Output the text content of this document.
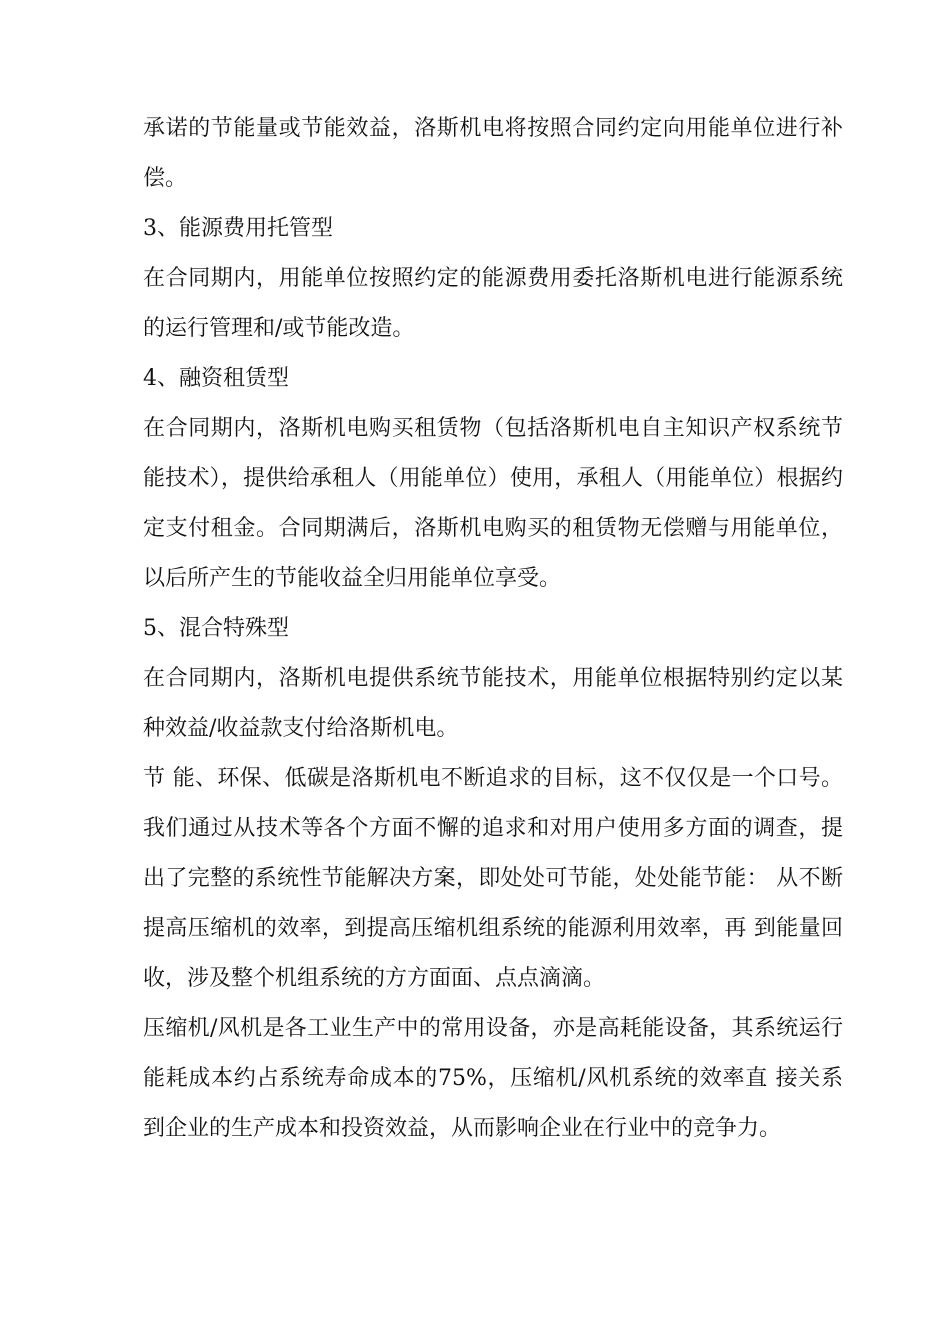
承诺的节能量或节能效益，洛斯机电将按照合同约定向用能单位进行补偿。

3、能源费用托管型

在合同期内，用能单位按照约定的能源费用委托洛斯机电进行能源系统的运行管理和/或节能改造。

4、融资租赁型

在合同期内，洛斯机电购买租赁物（包括洛斯机电自主知识产权系统节能技术），提供给承租人（用能单位）使用，承租人（用能单位）根据约定支付租金。合同期满后，洛斯机电购买的租赁物无偿赠与用能单位，以后所产生的节能收益全归用能单位享受。

5、混合特殊型

在合同期内，洛斯机电提供系统节能技术，用能单位根据特别约定以某种效益/收益款支付给洛斯机电。

节 能、环保、低碳是洛斯机电不断追求的目标，这不仅仅是一个口号。我们通过从技术等各个方面不懈的追求和对用户使用多方面的调查，提出了完整的系统性节能解决方案，即处处可节能，处处能节能： 从不断提高压缩机的效率，到提高压缩机组系统的能源利用效率，再 到能量回收，涉及整个机组系统的方方面面、点点滴滴。

压缩机/风机是各工业生产中的常用设备，亦是高耗能设备，其系统运行能耗成本约占系统寿命成本的75%，压缩机/风机系统的效率直 接关系到企业的生产成本和投资效益，从而影响企业在行业中的竞争力。
